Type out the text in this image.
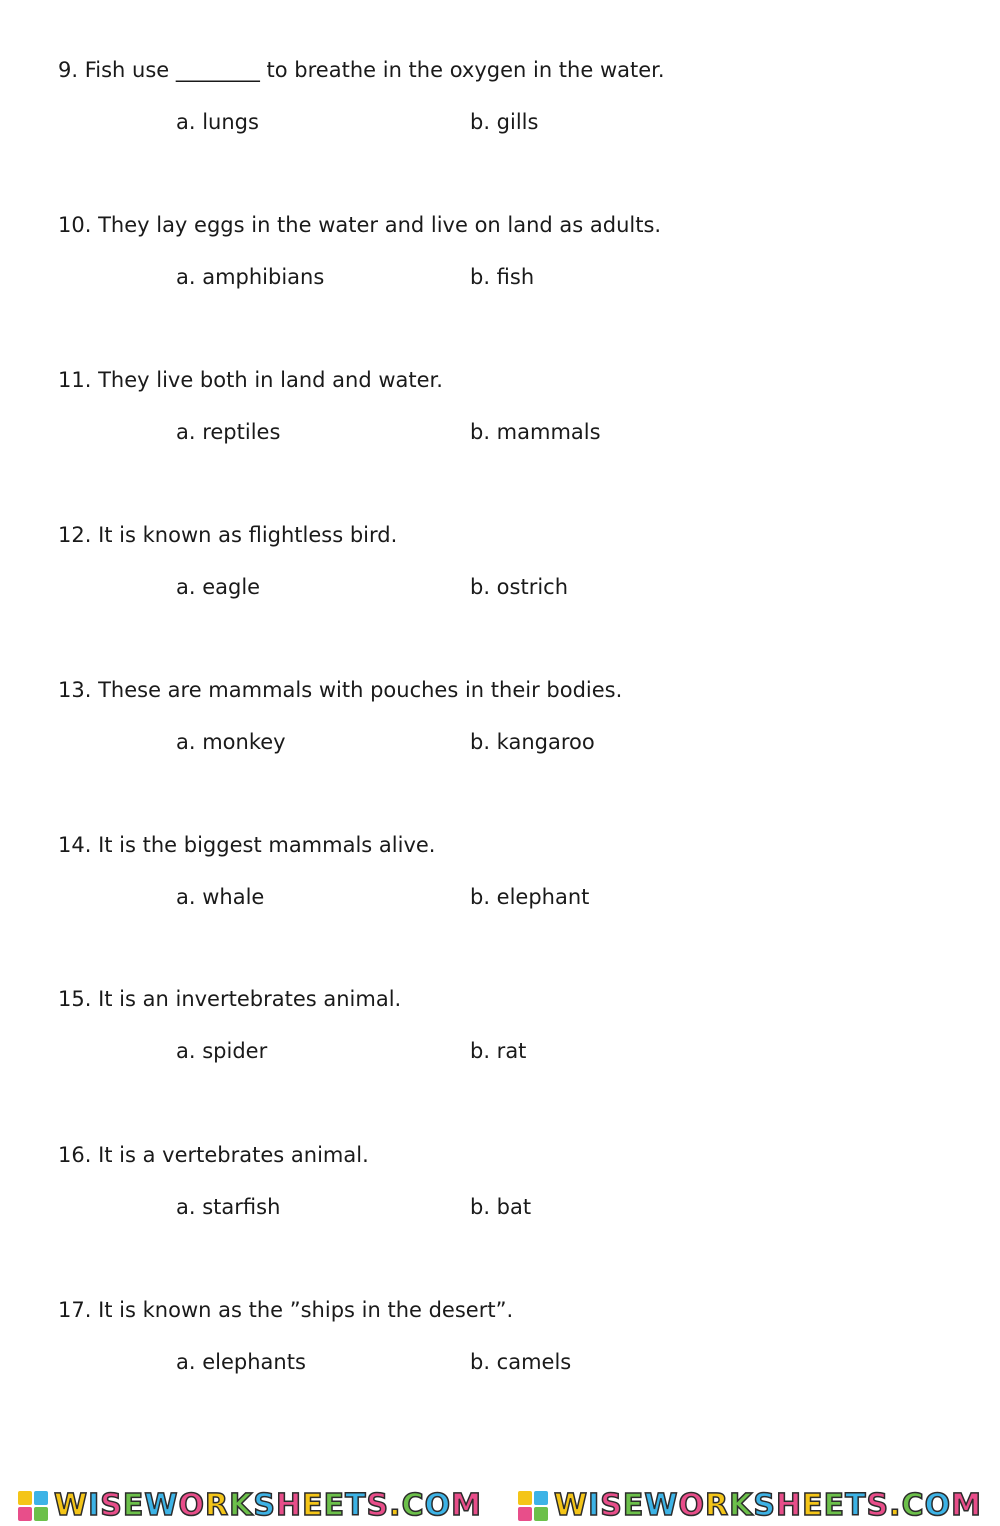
9. Fish use ________ to breathe in the oxygen in the water.
a. lungs	b. gills
10. They lay eggs in the water and live on land as adults.
a. amphibians	b. fish
11. They live both in land and water.
a. reptiles	b. mammals
12. It is known as flightless bird.
a. eagle	b. ostrich
13. These are mammals with pouches in their bodies.
a. monkey	b. kangaroo
14. It is the biggest mammals alive.
a. whale	b. elephant
15. It is an invertebrates animal.
a. spider	b. rat
16. It is a vertebrates animal.
a. starfish	b. bat
17. It is known as the ”ships in the desert”.
a. elephants	b. camels
WISEWORKSHEETS.COM WISEWORKSHEETS.COM
